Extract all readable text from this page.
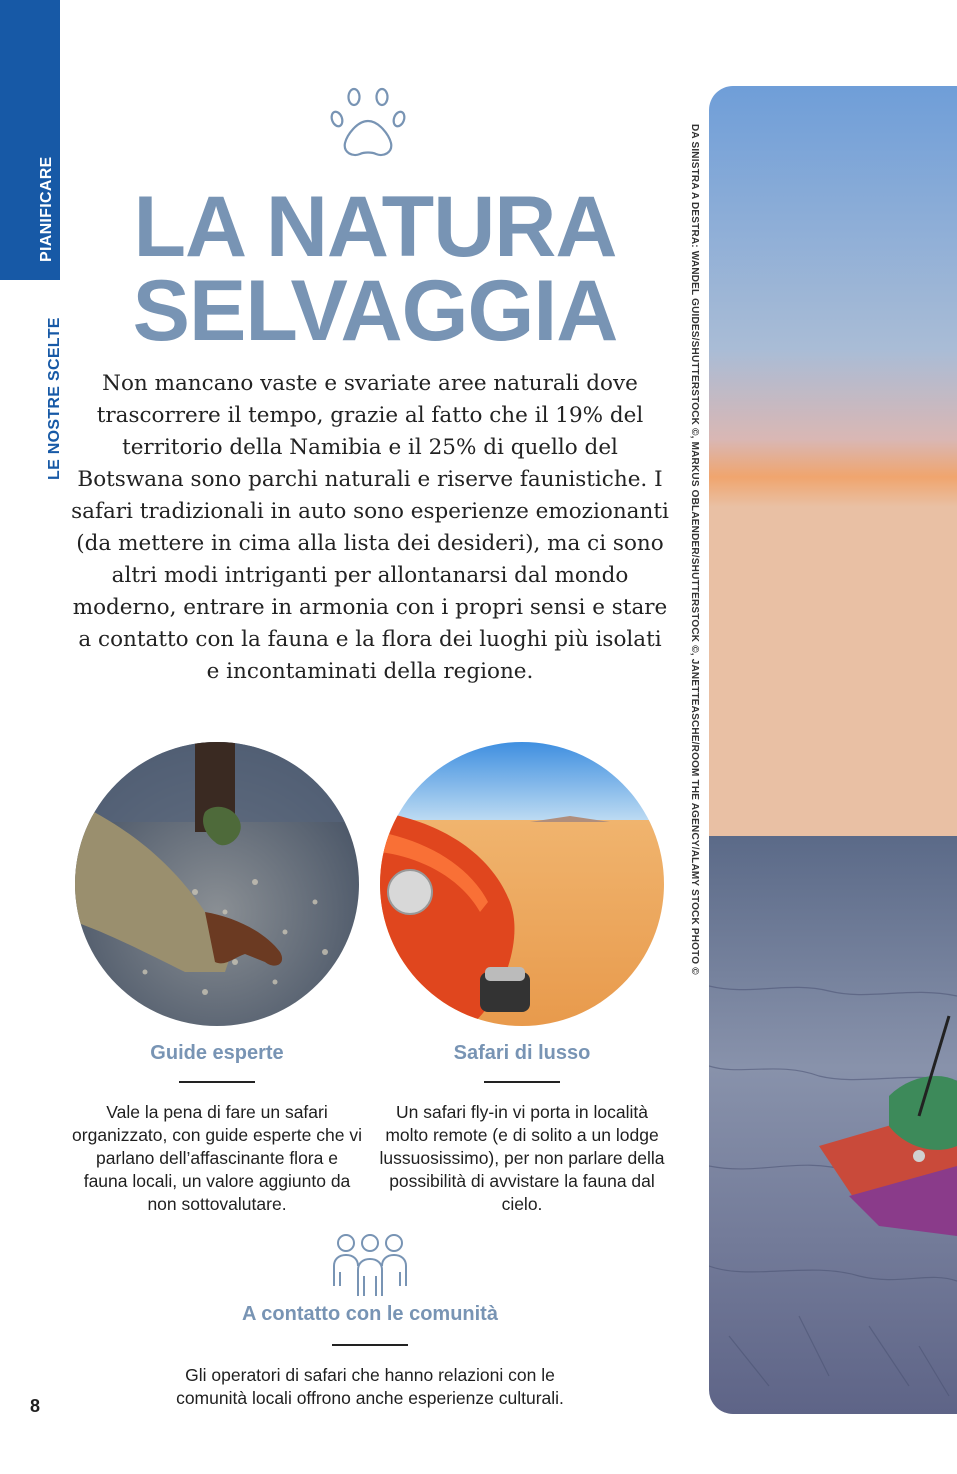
PIANIFICARE
LE NOSTRE SCELTE
LA NATURA
SELVAGGIA
Non mancano vaste e svariate aree naturali dove trascorrere il tempo, grazie al fatto che il 19% del territorio della Namibia e il 25% di quello del Botswana sono parchi naturali e riserve faunistiche. I safari tradizionali in auto sono esperienze emozionanti (da mettere in cima alla lista dei desideri), ma ci sono altri modi intriganti per allontanarsi dal mondo moderno, entrare in armonia con i propri sensi e stare a contatto con la fauna e la flora dei luoghi più isolati e incontaminati della regione.
Guide esperte

Vale la pena di fare un safari organizzato, con guide esperte che vi parlano dell’affascinante flora e fauna locali, un valore aggiunto da non sottovalutare.

Safari di lusso

Un safari fly-in vi porta in località molto remote (e di solito a un lodge lussuosissimo), per non parlare della possibilità di avvistare la fauna dal cielo.

A contatto con le comunità

Gli operatori di safari che hanno relazioni con le comunità locali offrono anche esperienze culturali.

8
DA SINISTRA A DESTRA: WANDEL GUIDES/SHUTTERSTOCK ©, MARKUS OBLAENDER/SHUTTERSTOCK ©, JANETTEASCHE/ROOM THE AGENCY/ALAMY STOCK PHOTO ©
